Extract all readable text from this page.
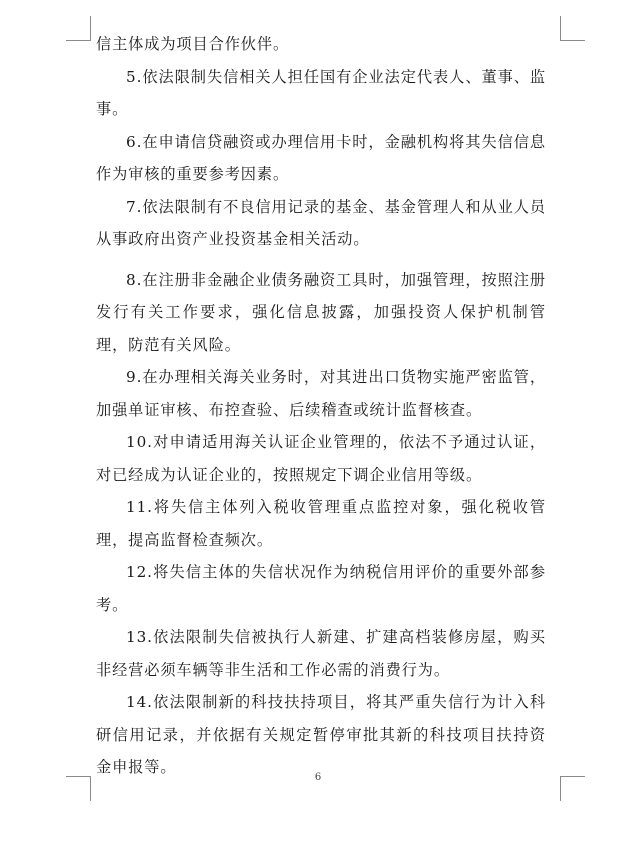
信主体成为项目合作伙伴。

5.依法限制失信相关人担任国有企业法定代表人、董事、监事。

6.在申请信贷融资或办理信用卡时，金融机构将其失信信息作为审核的重要参考因素。

7.依法限制有不良信用记录的基金、基金管理人和从业人员从事政府出资产业投资基金相关活动。

8.在注册非金融企业债务融资工具时，加强管理，按照注册发行有关工作要求，强化信息披露，加强投资人保护机制管理，防范有关风险。

9.在办理相关海关业务时，对其进出口货物实施严密监管，加强单证审核、布控查验、后续稽查或统计监督核查。

10.对申请适用海关认证企业管理的，依法不予通过认证，对已经成为认证企业的，按照规定下调企业信用等级。

11.将失信主体列入税收管理重点监控对象，强化税收管理，提高监督检查频次。

12.将失信主体的失信状况作为纳税信用评价的重要外部参考。

13.依法限制失信被执行人新建、扩建高档装修房屋，购买非经营必须车辆等非生活和工作必需的消费行为。

14.依法限制新的科技扶持项目，将其严重失信行为计入科研信用记录，并依据有关规定暂停审批其新的科技项目扶持资金申报等。

6
